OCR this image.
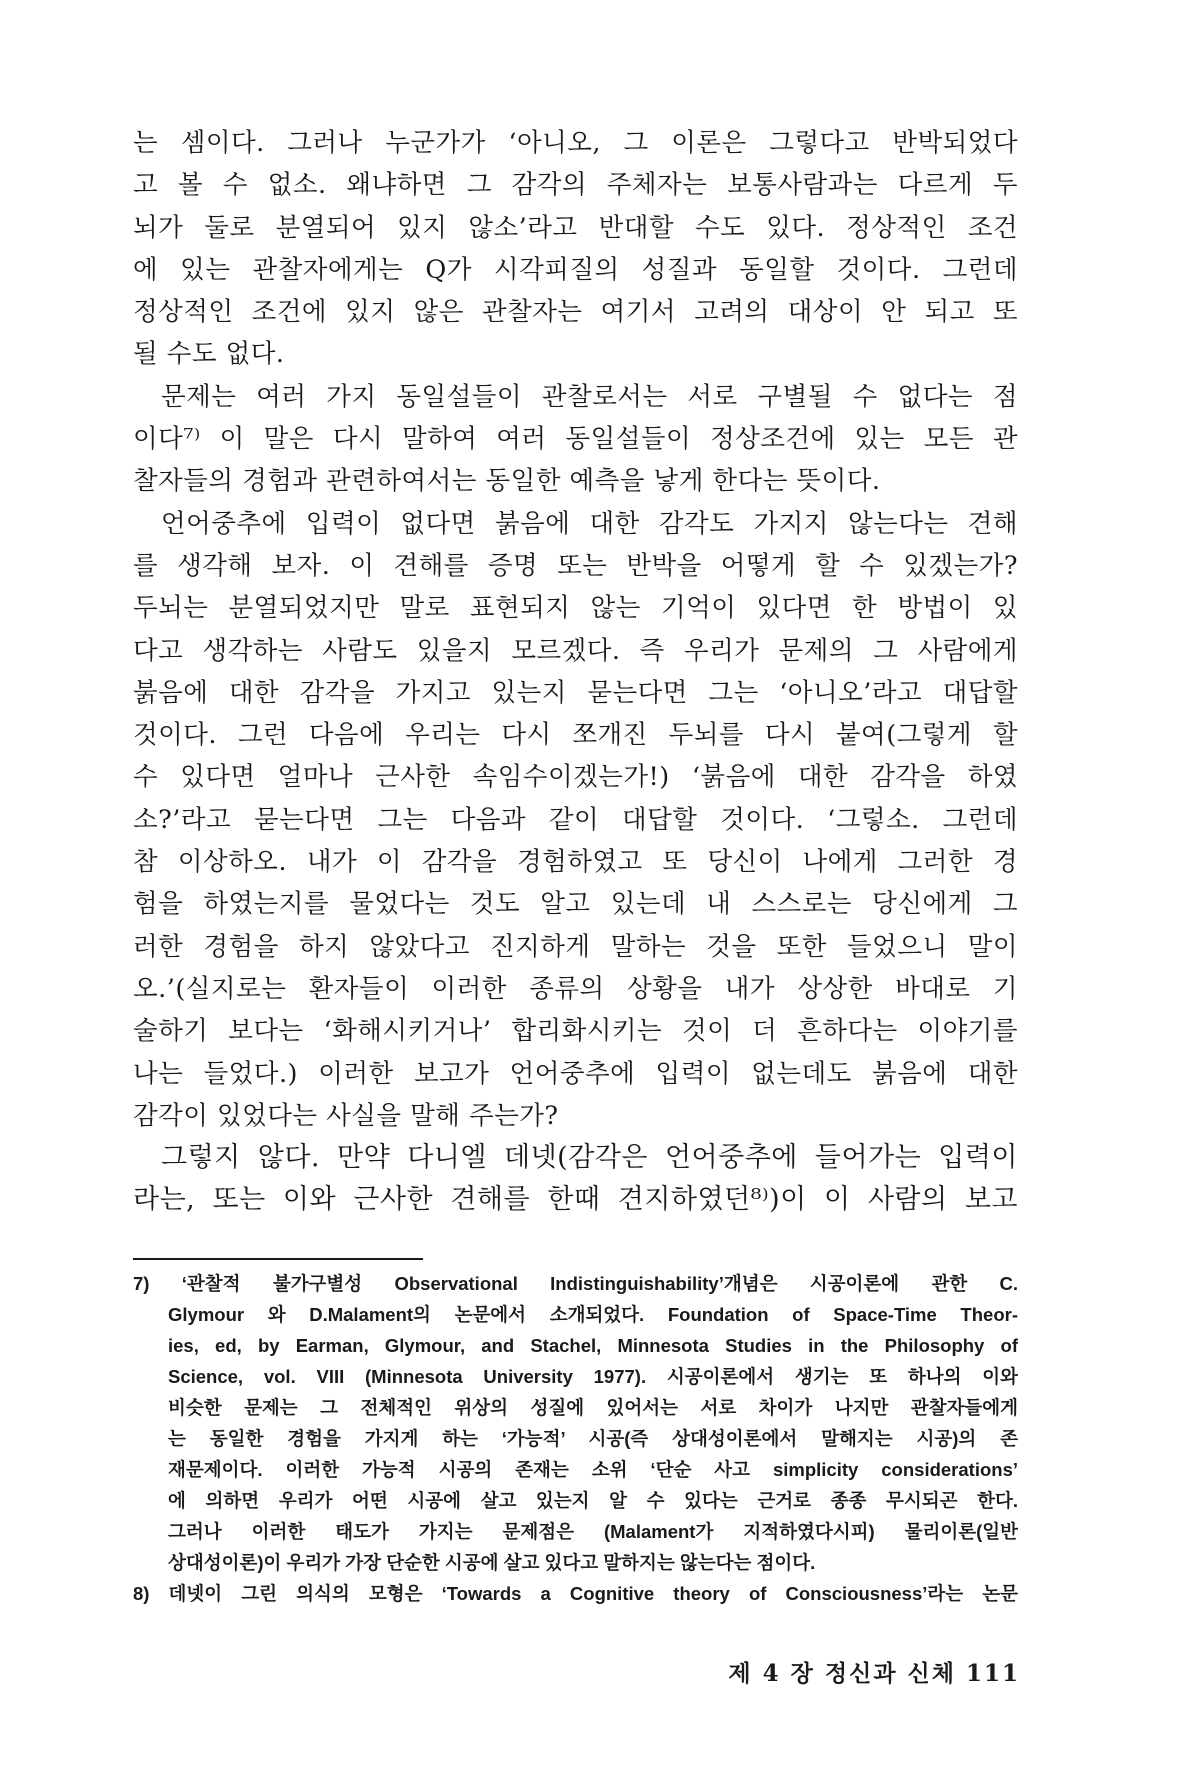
는 셈이다. 그러나 누군가가 ‘아니오, 그 이론은 그렇다고 반박되었다
고 볼 수 없소. 왜냐하면 그 감각의 주체자는 보통사람과는 다르게 두
뇌가 둘로 분열되어 있지 않소’라고 반대할 수도 있다. 정상적인 조건
에 있는 관찰자에게는 Q가 시각피질의 성질과 동일할 것이다. 그런데
정상적인 조건에 있지 않은 관찰자는 여기서 고려의 대상이 안 되고 또
될 수도 없다.
문제는 여러 가지 동일설들이 관찰로서는 서로 구별될 수 없다는 점
이다⁷⁾ 이 말은 다시 말하여 여러 동일설들이 정상조건에 있는 모든 관
찰자들의 경험과 관련하여서는 동일한 예측을 낳게 한다는 뜻이다.
언어중추에 입력이 없다면 붉음에 대한 감각도 가지지 않는다는 견해
를 생각해 보자. 이 견해를 증명 또는 반박을 어떻게 할 수 있겠는가?
두뇌는 분열되었지만 말로 표현되지 않는 기억이 있다면 한 방법이 있
다고 생각하는 사람도 있을지 모르겠다. 즉 우리가 문제의 그 사람에게
붉음에 대한 감각을 가지고 있는지 묻는다면 그는 ‘아니오’라고 대답할
것이다. 그런 다음에 우리는 다시 쪼개진 두뇌를 다시 붙여(그렇게 할
수 있다면 얼마나 근사한 속임수이겠는가!) ‘붉음에 대한 감각을 하였
소?’라고 묻는다면 그는 다음과 같이 대답할 것이다. ‘그렇소. 그런데
참 이상하오. 내가 이 감각을 경험하였고 또 당신이 나에게 그러한 경
험을 하였는지를 물었다는 것도 알고 있는데 내 스스로는 당신에게 그
러한 경험을 하지 않았다고 진지하게 말하는 것을 또한 들었으니 말이
오.’(실지로는 환자들이 이러한 종류의 상황을 내가 상상한 바대로 기
술하기 보다는 ‘화해시키거나’ 합리화시키는 것이 더 흔하다는 이야기를
나는 들었다.) 이러한 보고가 언어중추에 입력이 없는데도 붉음에 대한
감각이 있었다는 사실을 말해 주는가?
그렇지 않다. 만약 다니엘 데넷(감각은 언어중추에 들어가는 입력이
라는, 또는 이와 근사한 견해를 한때 견지하였던⁸⁾)이 이 사람의 보고
7) ‘관찰적 불가구별성 Observational Indistinguishability’개념은 시공이론에 관한 C.
Glymour 와 D.Malament의 논문에서 소개되었다. Foundation of Space-Time Theor-
ies, ed, by Earman, Glymour, and Stachel, Minnesota Studies in the Philosophy of
Science, vol. VIII (Minnesota University 1977). 시공이론에서 생기는 또 하나의 이와
비슷한 문제는 그 전체적인 위상의 성질에 있어서는 서로 차이가 나지만 관찰자들에게
는 동일한 경험을 가지게 하는 ‘가능적’ 시공(즉 상대성이론에서 말해지는 시공)의 존
재문제이다. 이러한 가능적 시공의 존재는 소위 ‘단순 사고 simplicity considerations’
에 의하면 우리가 어떤 시공에 살고 있는지 알 수 있다는 근거로 종종 무시되곤 한다.
그러나 이러한 태도가 가지는 문제점은 (Malament가 지적하였다시피) 물리이론(일반
상대성이론)이 우리가 가장 단순한 시공에 살고 있다고 말하지는 않는다는 점이다.
8) 데넷이 그린 의식의 모형은 ‘Towards a Cognitive theory of Consciousness’라는 논문
제 4 장 정신과 신체 111
